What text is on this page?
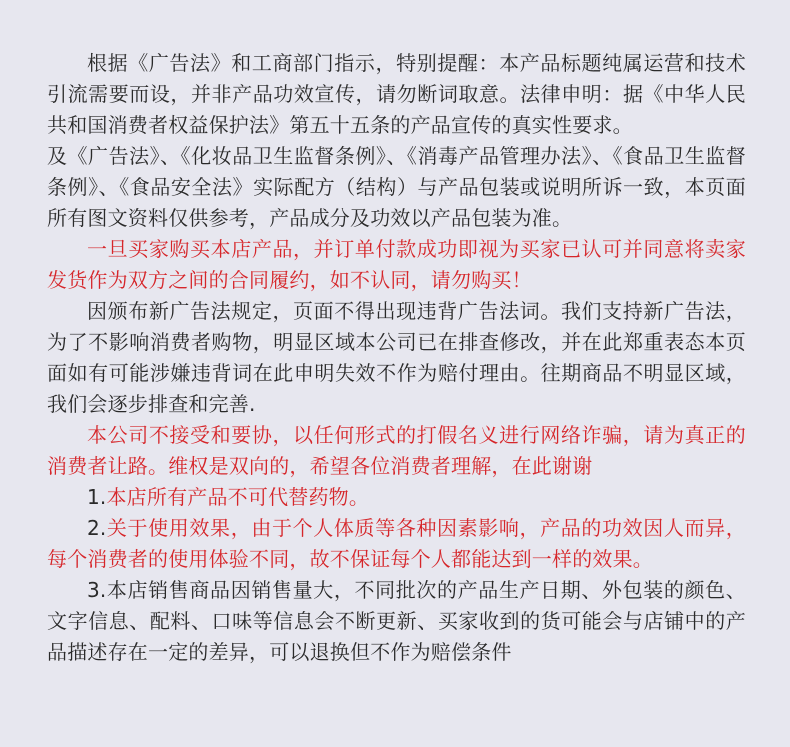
根据《广告法》和工商部门指示，特别提醒：本产品标题纯属运营和技术引流需要而设，并非产品功效宣传，请勿断词取意。法律申明：据《中华人民共和国消费者权益保护法》第五十五条的产品宣传的真实性要求。

及《广告法》、《化妆品卫生监督条例》、《消毒产品管理办法》、《食品卫生监督条例》、《食品安全法》实际配方（结构）与产品包装或说明所诉一致，本页面所有图文资料仅供参考，产品成分及功效以产品包装为准。

一旦买家购买本店产品，并订单付款成功即视为买家已认可并同意将卖家发货作为双方之间的合同履约，如不认同，请勿购买！

因颁布新广告法规定，页面不得出现违背广告法词。我们支持新广告法，为了不影响消费者购物，明显区域本公司已在排查修改，并在此郑重表态本页面如有可能涉嫌违背词在此申明失效不作为赔付理由。往期商品不明显区域，我们会逐步排查和完善.

本公司不接受和要协，以任何形式的打假名义进行网络诈骗，请为真正的消费者让路。维权是双向的，希望各位消费者理解，在此谢谢

1.本店所有产品不可代替药物。

2.关于使用效果，由于个人体质等各种因素影响，产品的功效因人而异，每个消费者的使用体验不同，故不保证每个人都能达到一样的效果。

3.本店销售商品因销售量大，不同批次的产品生产日期、外包装的颜色、文字信息、配料、口味等信息会不断更新、买家收到的货可能会与店铺中的产品描述存在一定的差异，可以退换但不作为赔偿条件
